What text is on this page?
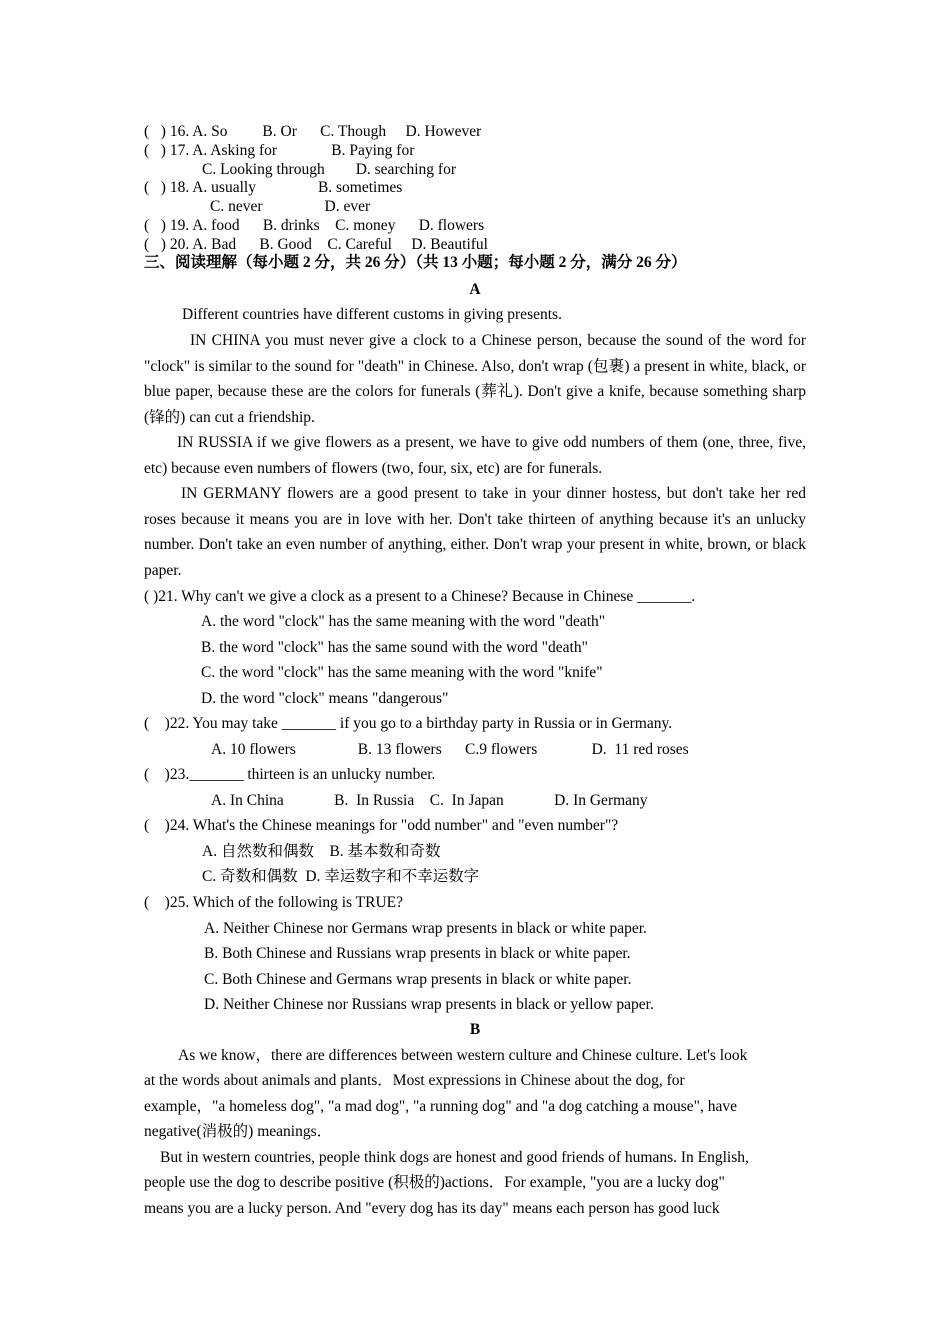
(   ) 16. A. So         B. Or      C. Though     D. However
(   ) 17. A. Asking for              B. Paying for
C. Looking through        D. searching for
(   ) 18. A. usually                B. sometimes
C. never                D. ever
(   ) 19. A. food      B. drinks    C. money      D. flowers
(   ) 20. A. Bad      B. Good    C. Careful     D. Beautiful
三、阅读理解（每小题 2 分，共 26 分）（共 13 小题；每小题 2 分，满分 26 分）
A
Different countries have different customs in giving presents.
IN CHINA you must never give a clock to a Chinese person, because the sound of the word for "clock" is similar to the sound for "death" in Chinese. Also, don't wrap (包裹) a present in white, black, or blue paper, because these are the colors for funerals (葬礼). Don't give a knife, because something sharp (锋的) can cut a friendship.
IN RUSSIA if we give flowers as a present, we have to give odd numbers of them (one, three, five, etc) because even numbers of flowers (two, four, six, etc) are for funerals.
IN GERMANY flowers are a good present to take in your dinner hostess, but don't take her red roses because it means you are in love with her. Don't take thirteen of anything because it's an unlucky number. Don't take an even number of anything, either. Don't wrap your present in white, brown, or black paper.
( )21. Why can't we give a clock as a present to a Chinese? Because in Chinese _______.
A. the word "clock" has the same meaning with the word "death"
B. the word "clock" has the same sound with the word "death"
C. the word "clock" has the same meaning with the word "knife"
D. the word "clock" means "dangerous"
(    )22. You may take _______ if you go to a birthday party in Russia or in Germany.
A. 10 flowers                B. 13 flowers      C.9 flowers              D.  11 red roses
(    )23._______ thirteen is an unlucky number.
A. In China             B.  In Russia    C.  In Japan             D. In Germany
(    )24. What's the Chinese meanings for "odd number" and "even number"?
A. 自然数和偶数    B. 基本数和奇数
C. 奇数和偶数  D. 幸运数字和不幸运数字
(    )25. Which of the following is TRUE?
A. Neither Chinese nor Germans wrap presents in black or white paper.
B. Both Chinese and Russians wrap presents in black or white paper.
C. Both Chinese and Germans wrap presents in black or white paper.
D. Neither Chinese nor Russians wrap presents in black or yellow paper.
B
As we know，there are differences between western culture and Chinese culture. Let's look
at the words about animals and plants．Most expressions in Chinese about the dog, for
example，"a homeless dog", "a mad dog", "a running dog" and "a dog catching a mouse", have
negative(消极的) meanings．
But in western countries, people think dogs are honest and good friends of humans. In English,
people use the dog to describe positive (积极的)actions．For example, "you are a lucky dog"
means you are a lucky person. And "every dog has its day" means each person has good luck
